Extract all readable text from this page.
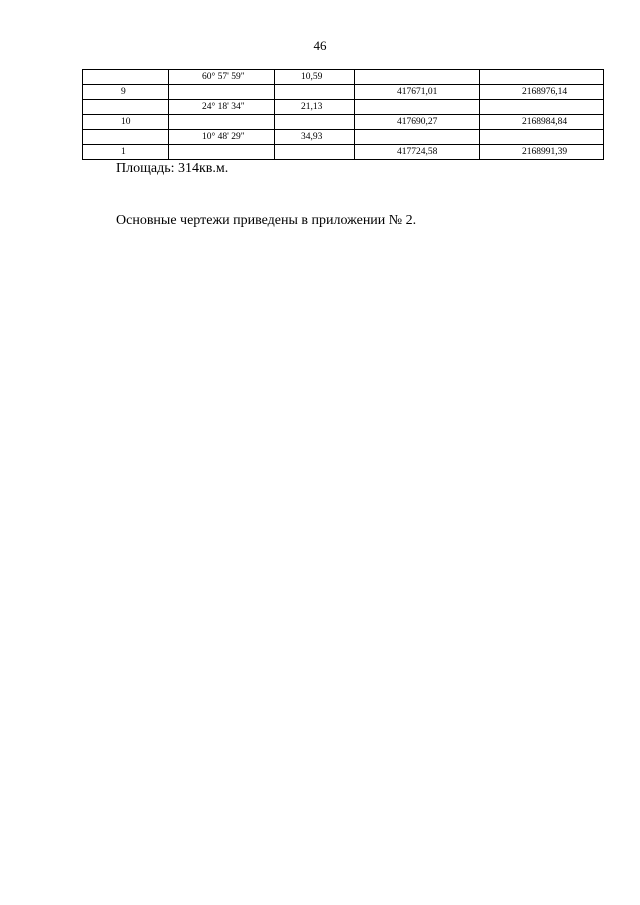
46
	60° 57' 59"	10,59		
9			417671,01	2168976,14
	24° 18' 34"	21,13		
10			417690,27	2168984,84
	10° 48' 29"	34,93		
1			417724,58	2168991,39
Площадь: 314кв.м.
Основные чертежи приведены в приложении № 2.
